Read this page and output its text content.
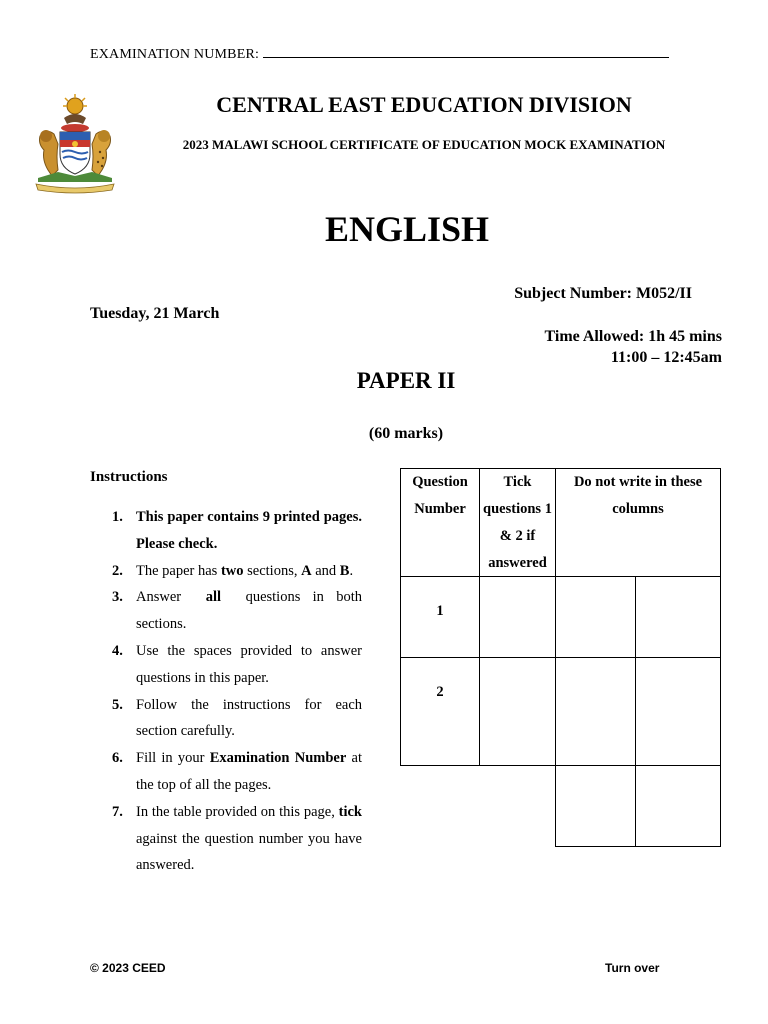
EXAMINATION NUMBER:
CENTRAL EAST EDUCATION DIVISION
2023 MALAWI SCHOOL CERTIFICATE OF EDUCATION MOCK EXAMINATION
ENGLISH
Subject Number: M052/II
Tuesday, 21 March
Time Allowed: 1h 45 mins
11:00 – 12:45am
PAPER II
(60 marks)
Instructions
1. This paper contains 9 printed pages. Please check.
2. The paper has two sections, A and B.
3. Answer  all  questions in both sections.
4. Use the spaces provided to answer questions in this paper.
5. Follow the instructions for each section carefully.
6. Fill in your Examination Number at the top of all the pages.
7. In the table provided on this page, tick against the question number you have answered.
Question Number
Tick questions 1 & 2 if answered
Do not write in these columns
1
2
© 2023 CEED	Turn over
